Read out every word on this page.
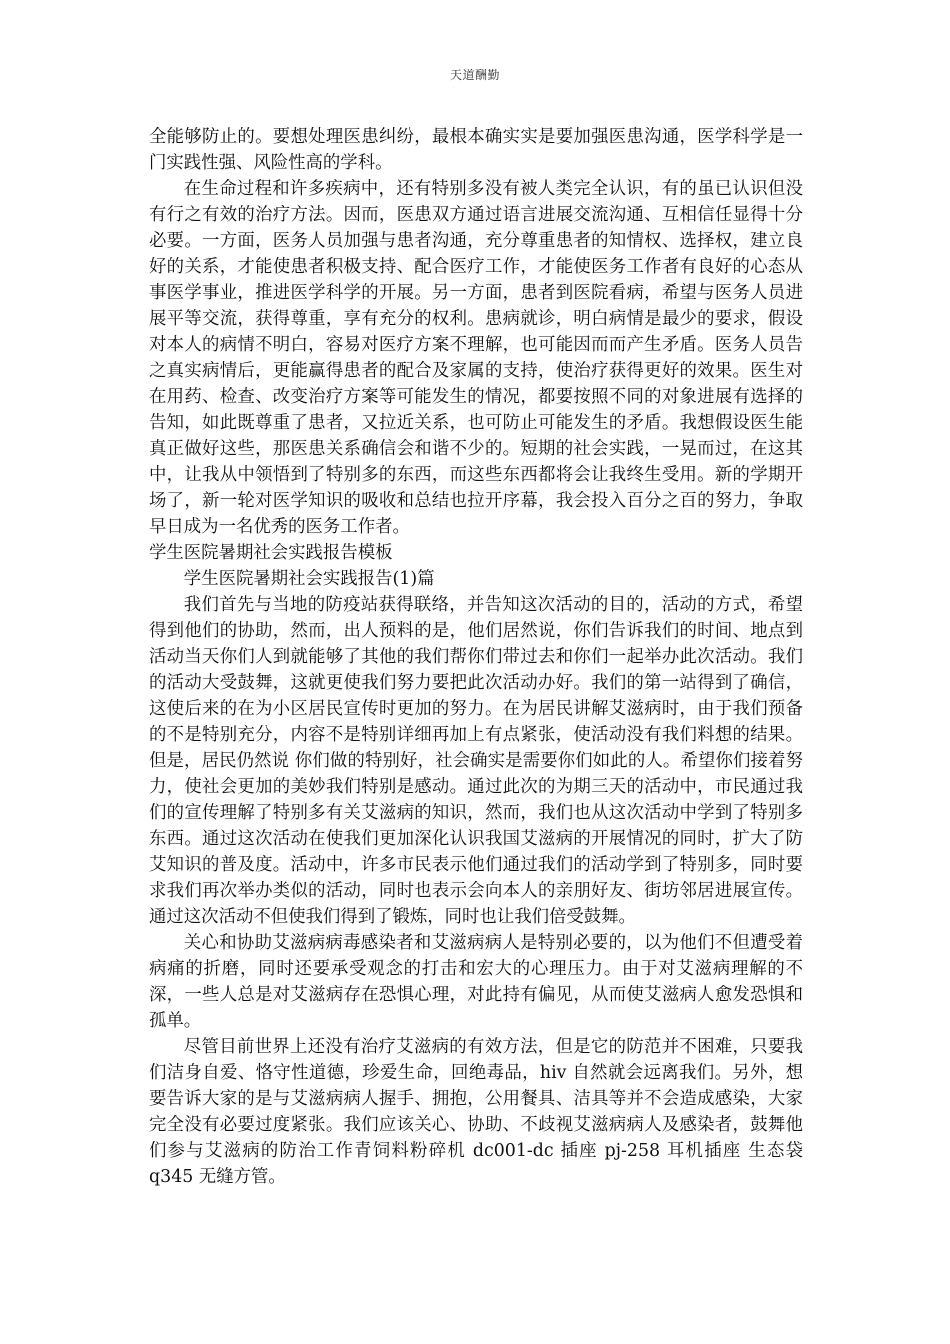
天道酬勤

全能够防止的。要想处理医患纠纷，最根本确实实是要加强医患沟通，医学科学是一门实践性强、风险性高的学科。

在生命过程和许多疾病中，还有特别多没有被人类完全认识，有的虽已认识但没有行之有效的治疗方法。因而，医患双方通过语言进展交流沟通、互相信任显得十分必要。一方面，医务人员加强与患者沟通，充分尊重患者的知情权、选择权，建立良好的关系，才能使患者积极支持、配合医疗工作，才能使医务工作者有良好的心态从事医学事业，推进医学科学的开展。另一方面，患者到医院看病，希望与医务人员进展平等交流，获得尊重，享有充分的权利。患病就诊，明白病情是最少的要求，假设对本人的病情不明白，容易对医疗方案不理解，也可能因而而产生矛盾。医务人员告之真实病情后，更能赢得患者的配合及家属的支持，使治疗获得更好的效果。医生对在用药、检查、改变治疗方案等可能发生的情况，都要按照不同的对象进展有选择的告知，如此既尊重了患者，又拉近关系，也可防止可能发生的矛盾。我想假设医生能真正做好这些，那医患关系确信会和谐不少的。短期的社会实践，一晃而过，在这其中，让我从中领悟到了特别多的东西，而这些东西都将会让我终生受用。新的学期开场了，新一轮对医学知识的吸收和总结也拉开序幕，我会投入百分之百的努力，争取早日成为一名优秀的医务工作者。

学生医院暑期社会实践报告模板

学生医院暑期社会实践报告(1)篇

我们首先与当地的防疫站获得联络，并告知这次活动的目的，活动的方式，希望得到他们的协助，然而，出人预料的是，他们居然说，你们告诉我们的时间、地点到活动当天你们人到就能够了其他的我们帮你们带过去和你们一起举办此次活动。我们的活动大受鼓舞，这就更使我们努力要把此次活动办好。我们的第一站得到了确信，这使后来的在为小区居民宣传时更加的努力。在为居民讲解艾滋病时，由于我们预备的不是特别充分，内容不是特别详细再加上有点紧张，使活动没有我们料想的结果。但是，居民仍然说 你们做的特别好，社会确实是需要你们如此的人。希望你们接着努力，使社会更加的美妙我们特别是感动。通过此次的为期三天的活动中，市民通过我们的宣传理解了特别多有关艾滋病的知识，然而，我们也从这次活动中学到了特别多东西。通过这次活动在使我们更加深化认识我国艾滋病的开展情况的同时，扩大了防艾知识的普及度。活动中，许多市民表示他们通过我们的活动学到了特别多，同时要求我们再次举办类似的活动，同时也表示会向本人的亲朋好友、街坊邻居进展宣传。通过这次活动不但使我们得到了锻炼，同时也让我们倍受鼓舞。

关心和协助艾滋病病毒感染者和艾滋病病人是特别必要的，以为他们不但遭受着病痛的折磨，同时还要承受观念的打击和宏大的心理压力。由于对艾滋病理解的不深，一些人总是对艾滋病存在恐惧心理，对此持有偏见，从而使艾滋病人愈发恐惧和孤单。

尽管目前世界上还没有治疗艾滋病的有效方法，但是它的防范并不困难，只要我们洁身自爱、恪守性道德，珍爱生命，回绝毒品，hiv 自然就会远离我们。另外，想要告诉大家的是与艾滋病病人握手、拥抱，公用餐具、洁具等并不会造成感染，大家完全没有必要过度紧张。我们应该关心、协助、不歧视艾滋病病人及感染者，鼓舞他们参与艾滋病的防治工作青饲料粉碎机 dc001-dc 插座 pj-258 耳机插座 生态袋 q345 无缝方管。
